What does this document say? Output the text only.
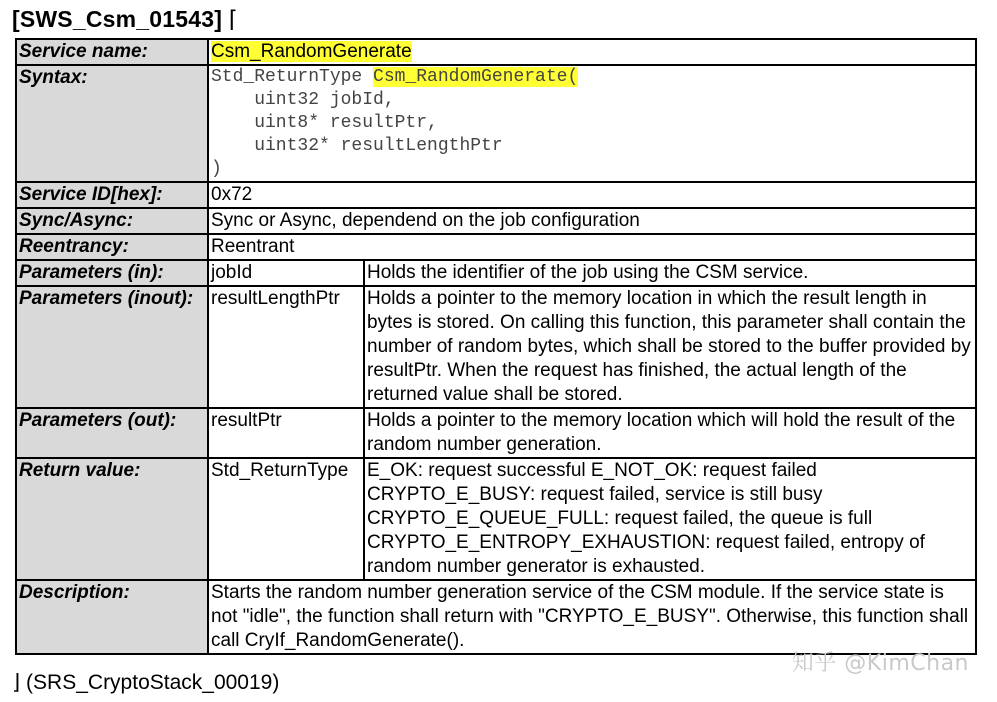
[SWS_Csm_01543] ⌈
Service name:	Csm_RandomGenerate	
Syntax:	Std_ReturnType Csm_RandomGenerate(
uint32 jobId,
uint8* resultPtr,
uint32* resultLengthPtr
)	

Service ID[hex]:	0x72	
Sync/Async:	Sync or Async, dependend on the job configuration	
Reentrancy:	Reentrant	
Parameters (in):	jobId	Holds the identifier of the job using the CSM service.
Parameters (inout):	resultLengthPtr	Holds a pointer to the memory location in which the result length in bytes is stored. On calling this function, this parameter shall contain the number of random bytes, which shall be stored to the buffer provided by resultPtr. When the request has finished, the actual length of the returned value shall be stored.
Parameters (out):	resultPtr	Holds a pointer to the memory location which will hold the result of the random number generation.
Return value:	Std_ReturnType	E_OK: request successful E_NOT_OK: request failed
CRYPTO_E_BUSY: request failed, service is still busy
CRYPTO_E_QUEUE_FULL: request failed, the queue is full
CRYPTO_E_ENTROPY_EXHAUSTION: request failed, entropy of random number generator is exhausted.

Description:	Starts the random number generation service of the CSM module. If the service state is not "idle", the function shall return with "CRYPTO_E_BUSY". Otherwise, this function shall call CryIf_RandomGenerate().	
⌋ (SRS_CryptoStack_00019)
知乎 @KimChan
